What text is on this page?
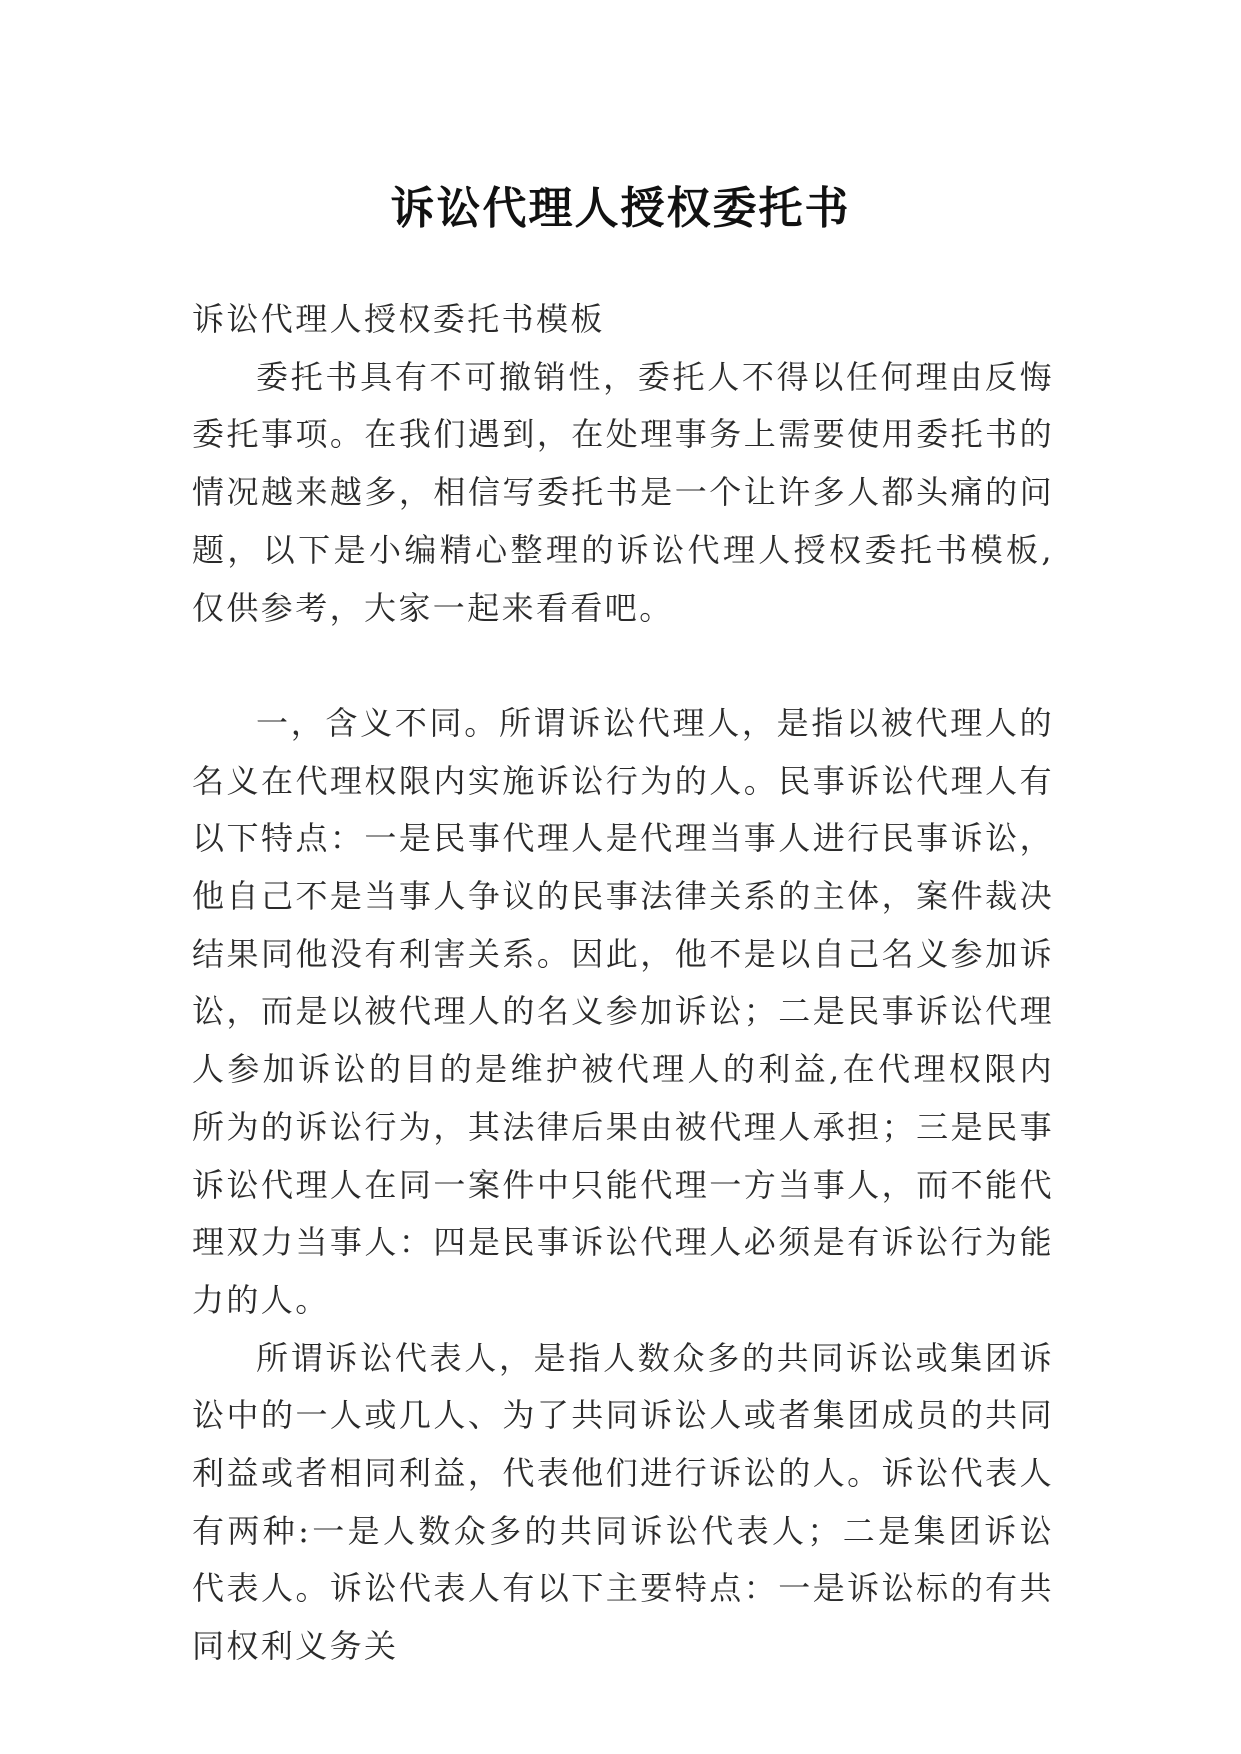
诉讼代理人授权委托书

诉讼代理人授权委托书模板

委托书具有不可撤销性，委托人不得以任何理由反悔委托事项。在我们遇到，在处理事务上需要使用委托书的情况越来越多，相信写委托书是一个让许多人都头痛的问题，以下是小编精心整理的诉讼代理人授权委托书模板,仅供参考，大家一起来看看吧。

一，含义不同。所谓诉讼代理人，是指以被代理人的名义在代理权限内实施诉讼行为的人。民事诉讼代理人有以下特点：一是民事代理人是代理当事人进行民事诉讼，他自己不是当事人争议的民事法律关系的主体，案件裁决结果同他没有利害关系。因此，他不是以自己名义参加诉讼，而是以被代理人的名义参加诉讼；二是民事诉讼代理人参加诉讼的目的是维护被代理人的利益,在代理权限内所为的诉讼行为，其法律后果由被代理人承担；三是民事诉讼代理人在同一案件中只能代理一方当事人，而不能代理双力当事人：四是民事诉讼代理人必须是有诉讼行为能力的人。

所谓诉讼代表人，是指人数众多的共同诉讼或集团诉讼中的一人或几人、为了共同诉讼人或者集团成员的共同利益或者相同利益，代表他们进行诉讼的人。诉讼代表人有两种:一是人数众多的共同诉讼代表人；二是集团诉讼代表人。诉讼代表人有以下主要特点：一是诉讼标的有共同权利义务关
